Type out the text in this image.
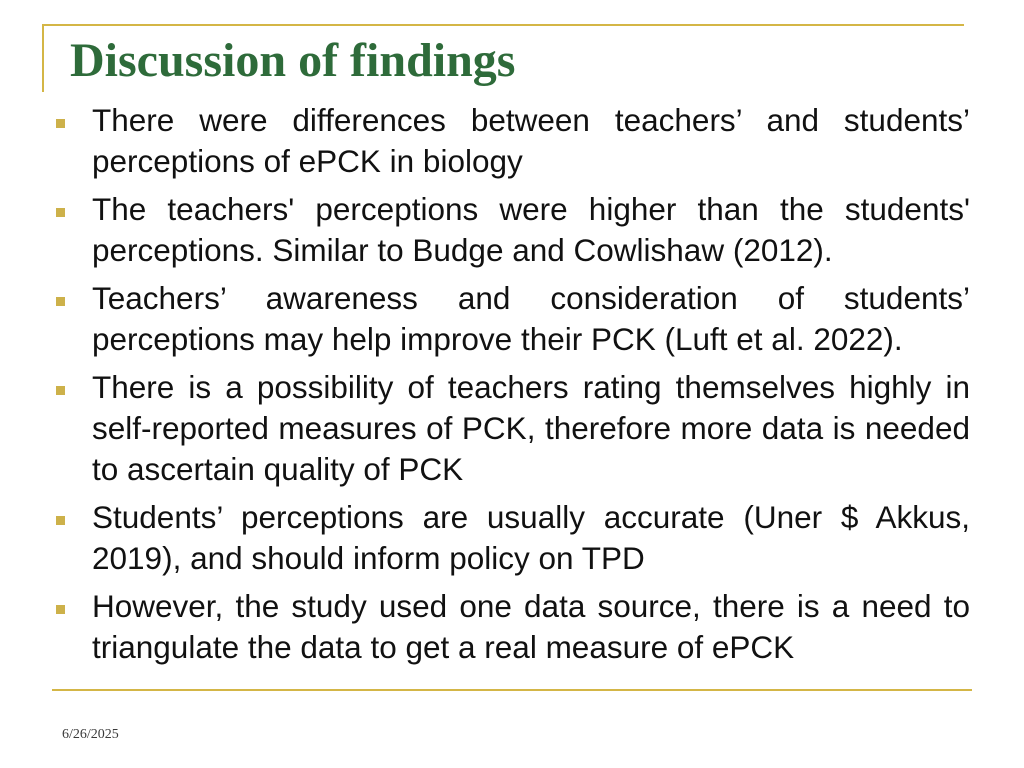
Discussion of findings
There were differences between teachers’ and students’ perceptions of ePCK in biology
The teachers' perceptions were higher than the students' perceptions. Similar to Budge and Cowlishaw (2012).
Teachers’ awareness and consideration of students’ perceptions may help improve their PCK (Luft et al. 2022).
There is a possibility of teachers rating themselves highly in self-reported measures of PCK, therefore more data is needed to ascertain quality of PCK
Students’ perceptions are usually accurate (Uner $ Akkus, 2019), and should inform policy on TPD
However, the study used one data source, there is a need to triangulate the data to get a real measure of ePCK
6/26/2025
